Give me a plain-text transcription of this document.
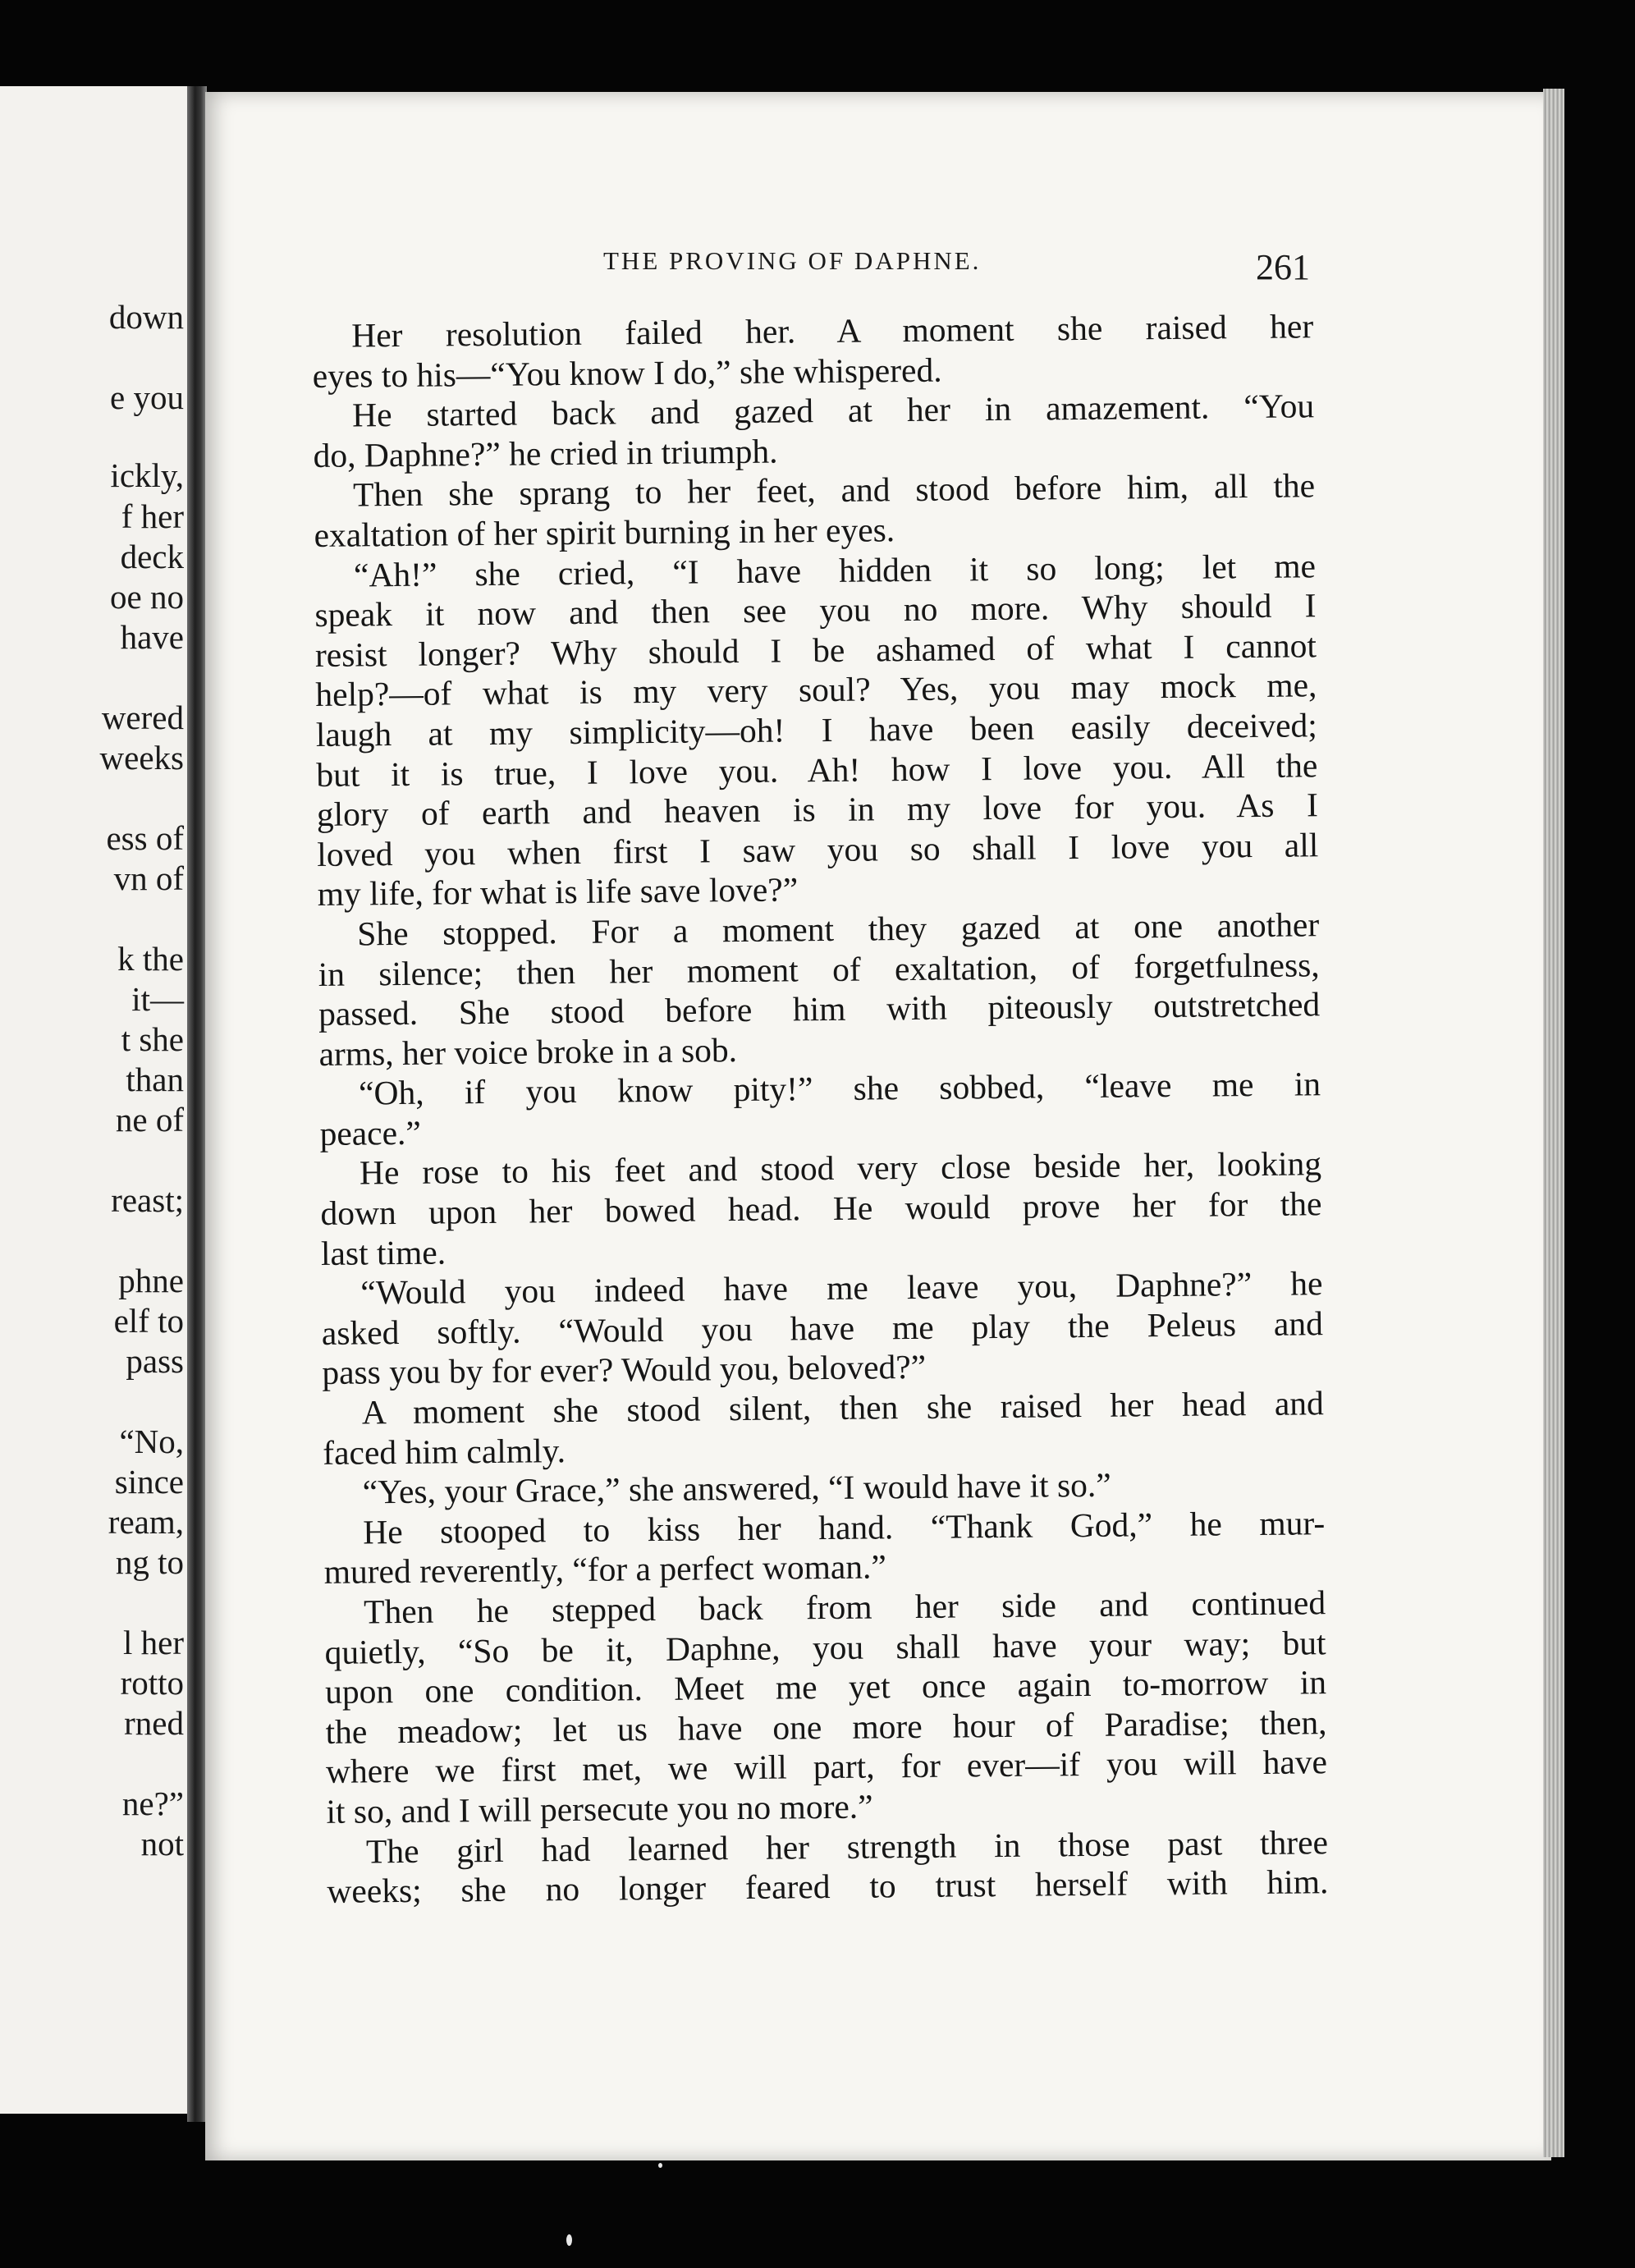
down
e you
ickly,
f her
deck
oe no
have
wered
weeks
ess of
vn of
k the
it—
t she
than
ne of
reast;
phne
elf to
pass
“No,
since
ream,
ng to
l her
rotto
rned
ne?”
not
THE PROVING OF DAPHNE.	261
Her resolution failed her. A moment she raised her
eyes to his—“You know I do,” she whispered.
He started back and gazed at her in amazement. “You
do, Daphne?” he cried in triumph.
Then she sprang to her feet, and stood before him, all the
exaltation of her spirit burning in her eyes.
“Ah!” she cried, “I have hidden it so long; let me
speak it now and then see you no more. Why should I
resist longer? Why should I be ashamed of what I cannot
help?—of what is my very soul? Yes, you may mock me,
laugh at my simplicity—oh! I have been easily deceived;
but it is true, I love you. Ah! how I love you. All the
glory of earth and heaven is in my love for you. As I
loved you when first I saw you so shall I love you all
my life, for what is life save love?”
She stopped. For a moment they gazed at one another
in silence; then her moment of exaltation, of forgetfulness,
passed. She stood before him with piteously outstretched
arms, her voice broke in a sob.
“Oh, if you know pity!” she sobbed, “leave me in
peace.”
He rose to his feet and stood very close beside her, looking
down upon her bowed head. He would prove her for the
last time.
“Would you indeed have me leave you, Daphne?” he
asked softly. “Would you have me play the Peleus and
pass you by for ever? Would you, beloved?”
A moment she stood silent, then she raised her head and
faced him calmly.
“Yes, your Grace,” she answered, “I would have it so.”
He stooped to kiss her hand. “Thank God,” he mur-
mured reverently, “for a perfect woman.”
Then he stepped back from her side and continued
quietly, “So be it, Daphne, you shall have your way; but
upon one condition. Meet me yet once again to-morrow in
the meadow; let us have one more hour of Paradise; then,
where we first met, we will part, for ever—if you will have
it so, and I will persecute you no more.”
The girl had learned her strength in those past three
weeks; she no longer feared to trust herself with him.
